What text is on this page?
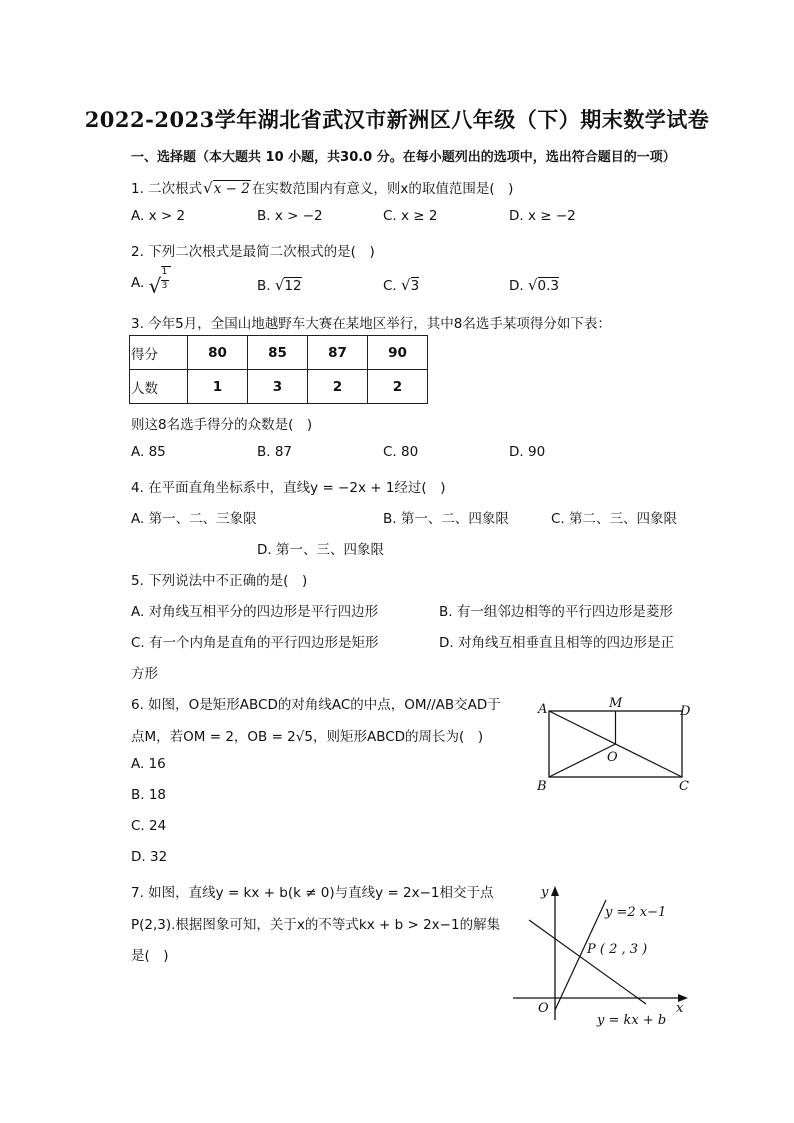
2022-2023学年湖北省武汉市新洲区八年级（下）期末数学试卷
一、选择题（本大题共 10 小题，共30.0 分。在每小题列出的选项中，选出符合题目的一项）
1. 二次根式√x − 2 在实数范围内有意义，则x的取值范围是(　)
A. x > 2	B. x > −2	C. x ≥ 2	D. x ≥ −2
2. 下列二次根式是最简二次根式的是(　)
A. √
1
3	B. √12	C. √3	D. √0.3
3. 今年5月，全国山地越野车大赛在某地区举行，其中8名选手某项得分如下表：
得分	80	85	87	90
人数	1	3	2	2
则这8名选手得分的众数是(　)
A. 85	B. 87	C. 80	D. 90
4. 在平面直角坐标系中，直线y = −2x + 1经过(　)
A. 第一、二、三象限	B. 第一、二、四象限	C. 第二、三、四象限
D. 第一、三、四象限
5. 下列说法中不正确的是(　)
A. 对角线互相平分的四边形是平行四边形	B. 有一组邻边相等的平行四边形是菱形
C. 有一个内角是直角的平行四边形是矩形	D. 对角线互相垂直且相等的四边形是正
方形
6. 如图，O是矩形ABCD的对角线AC的中点，OM//AB交AD于
点M，若OM = 2，OB = 2√5，则矩形ABCD的周长为(　)
A. 16
B. 18
C. 24
D. 32
A	M
D
O
B	C
7. 如图，直线y = kx + b(k ≠ 0)与直线y = 2x−1相交于点
P(2,3).根据图象可知，关于x的不等式kx + b > 2x−1的解集
是(　)
y
x
O
y =2 x−1
P ( 2 , 3 )
y = kx + b
